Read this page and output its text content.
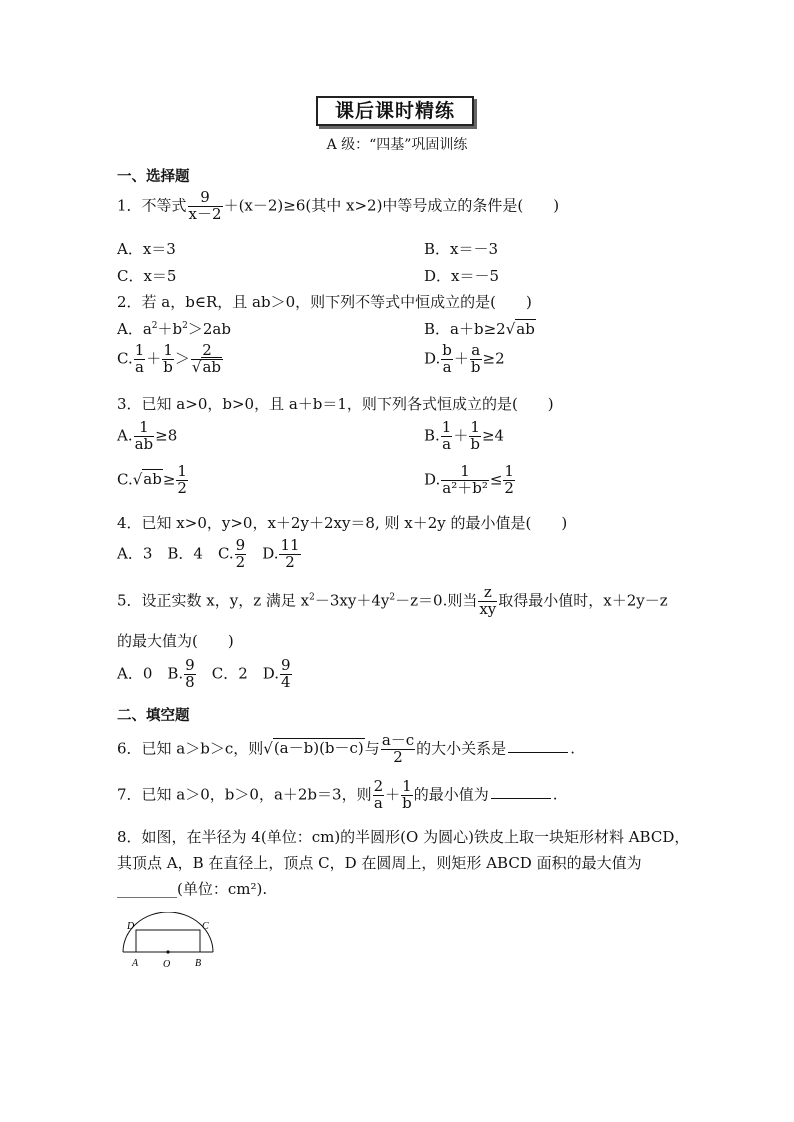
课后课时精练
A 级：“四基”巩固训练
一、选择题
1．不等式 $\frac{9}{x-2} +(x-2)\ge 6$(其中 x>2)中等号成立的条件是(　　)
A．x＝3	B．x＝－3
C．x＝5	D．x＝－5
2．若 a，b∈R，且 ab＞0，则下列不等式中恒成立的是(　　)
A．$a^2+b^2>2ab$	B．a＋b≥2√ab
C. $\frac{1}{a} + \frac{1}{b} > \frac{2}{√ab}$	D. $\frac{b}{a} + \frac{a}{b} \ge 2$
3．已知 a>0，b>0，且 a＋b＝1，则下列各式恒成立的是(　　)
A. $\frac{1}{ab} \ge 8$	B. $\frac{1}{a} + \frac{1}{b} \ge 4$
$C.√ab\ge \frac{1}{2}$	D. $\frac{1}{\text{a²＋b²}} \le \frac{1}{2}$
4．已知 x>0，y>0，x＋2y＋2xy＝8, 则 x＋2y 的最小值是(　　)
A．3　B．4　C. $\frac{9}{2}$ 　D. $\frac{11}{2}$
5．设正实数 x，y，z 满足 $x^2-3xy+4y^2-z=0$.则当 $\frac{z}{xy}$ 取得最小值时，x＋2y－z
的最大值为(　　)
A．0　B. $\frac{9}{8}$ 　C．2　D. $\frac{9}{4}$
二、填空题
6．已知 a＞b＞c，则√(a－b)(b－c)与 $\frac{a-c}{2}$ 的大小关系是	.
7．已知 a＞0，b＞0，a＋2b＝3，则 $\frac{2}{a} + \frac{1}{b}$ 的最小值为	.
8．如图，在半径为 4(单位：cm)的半圆形(O 为圆心)铁皮上取一块矩形材料 ABCD，
其顶点 A，B 在直径上，顶点 C，D 在圆周上，则矩形 ABCD 面积的最大值为
________(单位：cm²).
D	C
A O B
